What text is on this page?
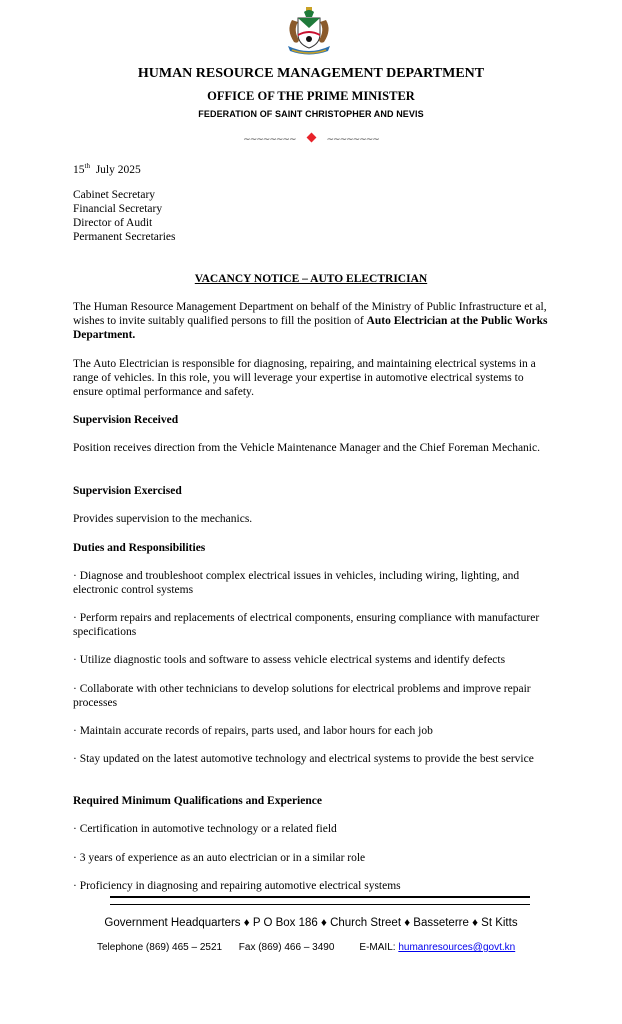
HUMAN RESOURCE MANAGEMENT DEPARTMENT
OFFICE OF THE PRIME MINISTER
FEDERATION OF SAINT CHRISTOPHER AND NEVIS
~~~~~~~~	~~~~~~~~
15th July 2025
Cabinet Secretary
Financial Secretary
Director of Audit
Permanent Secretaries
VACANCY NOTICE – AUTO ELECTRICIAN
The Human Resource Management Department on behalf of the Ministry of Public Infrastructure et al, wishes to invite suitably qualified persons to fill the position of Auto Electrician at the Public Works Department.
The Auto Electrician is responsible for diagnosing, repairing, and maintaining electrical systems in a range of vehicles. In this role, you will leverage your expertise in automotive electrical systems to ensure optimal performance and safety.
Supervision Received
Position receives direction from the Vehicle Maintenance Manager and the Chief Foreman Mechanic.
Supervision Exercised
Provides supervision to the mechanics.
Duties and Responsibilities
· Diagnose and troubleshoot complex electrical issues in vehicles, including wiring, lighting, and electronic control systems
· Perform repairs and replacements of electrical components, ensuring compliance with manufacturer specifications
· Utilize diagnostic tools and software to assess vehicle electrical systems and identify defects
· Collaborate with other technicians to develop solutions for electrical problems and improve repair processes
· Maintain accurate records of repairs, parts used, and labor hours for each job
· Stay updated on the latest automotive technology and electrical systems to provide the best service
Required Minimum Qualifications and Experience
· Certification in automotive technology or a related field
· 3 years of experience as an auto electrician or in a similar role
· Proficiency in diagnosing and repairing automotive electrical systems
Government Headquarters ♦ P O Box 186 ♦ Church Street ♦ Basseterre ♦ St Kitts
Telephone (869) 465 – 2521 Fax (869) 466 – 3490	E-MAIL: humanresources@govt.kn
